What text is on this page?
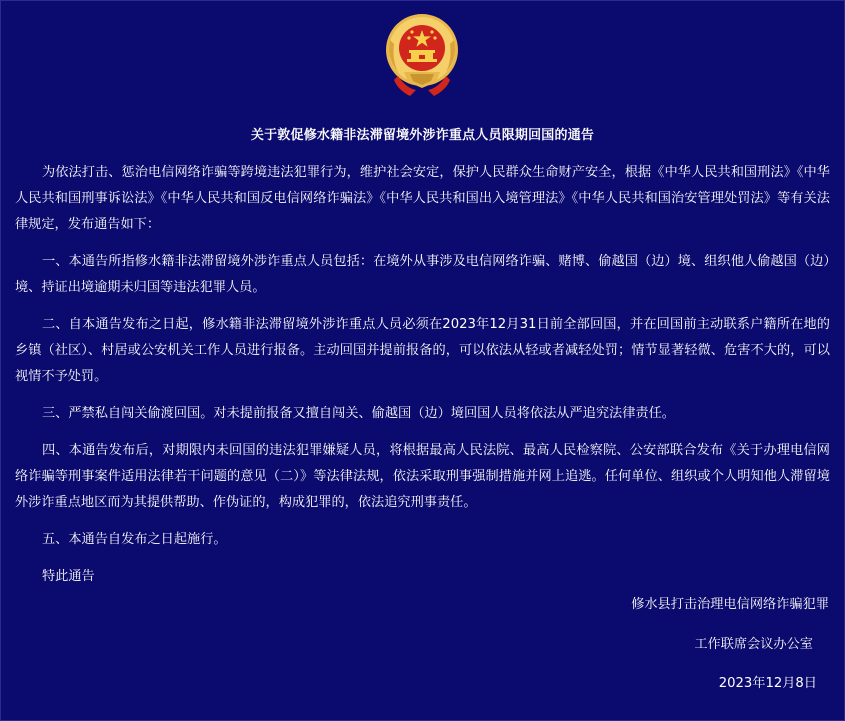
关于敦促修水籍非法滞留境外涉诈重点人员限期回国的通告

为依法打击、惩治电信网络诈骗等跨境违法犯罪行为，维护社会安定，保护人民群众生命财产安全，根据《中华人民共和国刑法》《中华人民共和国刑事诉讼法》《中华人民共和国反电信网络诈骗法》《中华人民共和国出入境管理法》《中华人民共和国治安管理处罚法》等有关法律规定，发布通告如下：

一、本通告所指修水籍非法滞留境外涉诈重点人员包括：在境外从事涉及电信网络诈骗、赌博、偷越国（边）境、组织他人偷越国（边）境、持证出境逾期未归国等违法犯罪人员。

二、自本通告发布之日起，修水籍非法滞留境外涉诈重点人员必须在2023年12月31日前全部回国，并在回国前主动联系户籍所在地的乡镇（社区）、村居或公安机关工作人员进行报备。主动回国并提前报备的，可以依法从轻或者减轻处罚；情节显著轻微、危害不大的，可以视情不予处罚。

三、严禁私自闯关偷渡回国。对未提前报备又擅自闯关、偷越国（边）境回国人员将依法从严追究法律责任。

四、本通告发布后，对期限内未回国的违法犯罪嫌疑人员，将根据最高人民法院、最高人民检察院、公安部联合发布《关于办理电信网络诈骗等刑事案件适用法律若干问题的意见（二）》等法律法规，依法采取刑事强制措施并网上追逃。任何单位、组织或个人明知他人滞留境外涉诈重点地区而为其提供帮助、作伪证的，构成犯罪的，依法追究刑事责任。

五、本通告自发布之日起施行。

特此通告

修水县打击治理电信网络诈骗犯罪
工作联席会议办公室
2023年12月8日
